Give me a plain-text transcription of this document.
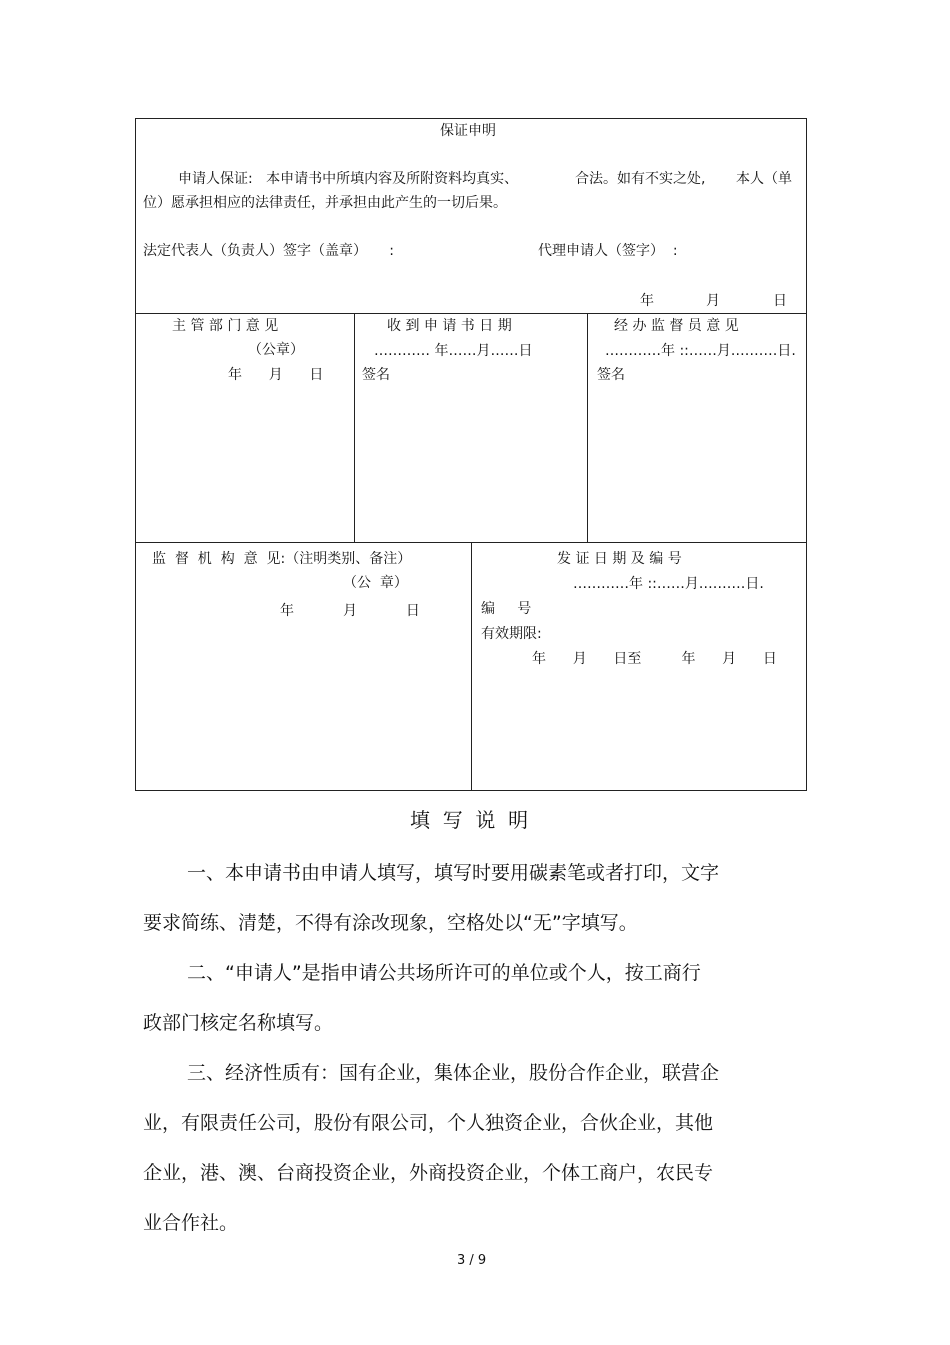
保证申明
申请人保证:   本申请书中所填内容及所附资料均真实、	合法。如有不实之处, 本人（单
位）愿承担相应的法律责任，并承担由此产生的一切后果。
法定代表人（负责人）签字（盖章）     :	代理申请人（签字）  :
年	月	日
主 管 部 门 意 见
（公章）
年      月      日
收 到 申 请 书 日 期
………… 年……月……日
签名
经 办 监 督 员 意 见
…………年 ::……月.………日.
签名
监  督  机  构  意  见:（注明类别、备注）
（公  章）
年           月           日
发 证 日 期 及 编 号
…………年 ::……月.………日.
编     号
有效期限:
年      月      日至         年      月      日
填  写  说  明
一、本申请书由申请人填写，填写时要用碳素笔或者打印，文字
要求简练、清楚，不得有涂改现象，空格处以“无”字填写。
二、“申请人”是指申请公共场所许可的单位或个人，按工商行
政部门核定名称填写。
三、经济性质有：国有企业，集体企业，股份合作企业，联营企
业，有限责任公司，股份有限公司，个人独资企业，合伙企业，其他
企业，港、澳、台商投资企业，外商投资企业，个体工商户，农民专
业合作社。
3 / 9
